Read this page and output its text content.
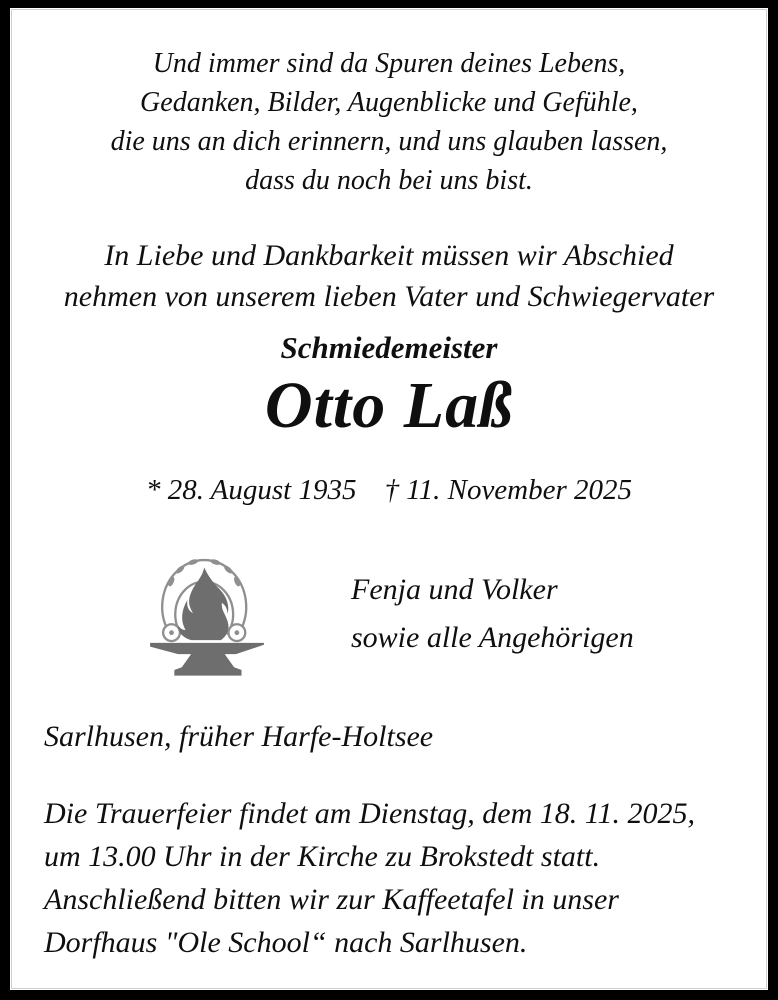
Und immer sind da Spuren deines Lebens,
Gedanken, Bilder, Augenblicke und Gefühle,
die uns an dich erinnern, und uns glauben lassen,
dass du noch bei uns bist.
In Liebe und Dankbarkeit müssen wir Abschied
nehmen von unserem lieben Vater und Schwiegervater
Schmiedemeister
Otto Laß
* 28. August 1935 † 11. November 2025
Fenja und Volker
sowie alle Angehörigen
Sarlhusen, früher Harfe-Holtsee
Die Trauerfeier findet am Dienstag, dem 18. 11. 2025,
um 13.00 Uhr in der Kirche zu Brokstedt statt.
Anschließend bitten wir zur Kaffeetafel in unser
Dorfhaus "Ole School“ nach Sarlhusen.
